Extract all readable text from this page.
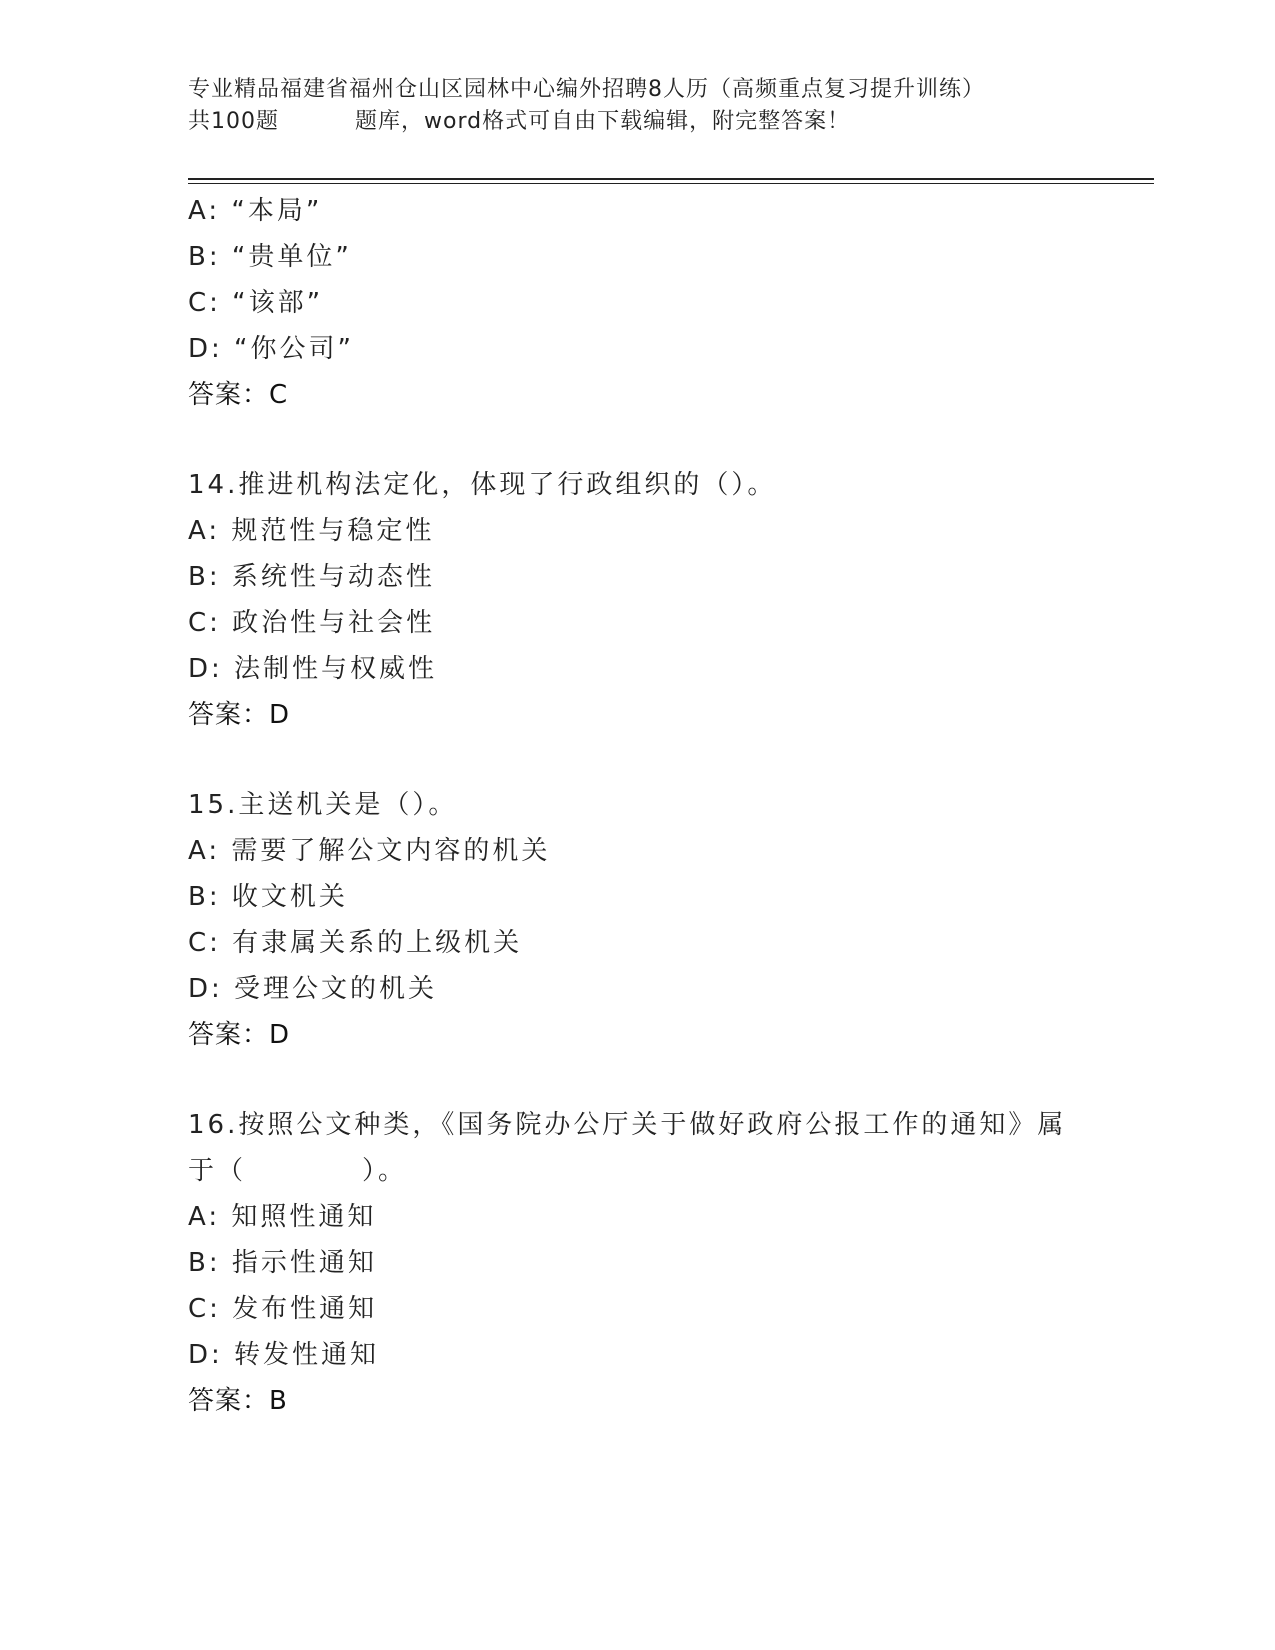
专业精品福建省福州仓山区园林中心编外招聘8人历（高频重点复习提升训练）
共100题	题库，word格式可自由下载编辑，附完整答案！
A: “本局”
B: “贵单位”
C: “该部”
D: “你公司”
答案：C
14.推进机构法定化，体现了行政组织的（）。
A: 规范性与稳定性
B: 系统性与动态性
C: 政治性与社会性
D: 法制性与权威性
答案：D
15.主送机关是（）。
A: 需要了解公文内容的机关
B: 收文机关
C: 有隶属关系的上级机关
D: 受理公文的机关
答案：D
16.按照公文种类，《国务院办公厅关于做好政府公报工作的通知》属
于（　　　　）。
A: 知照性通知
B: 指示性通知
C: 发布性通知
D: 转发性通知
答案：B
